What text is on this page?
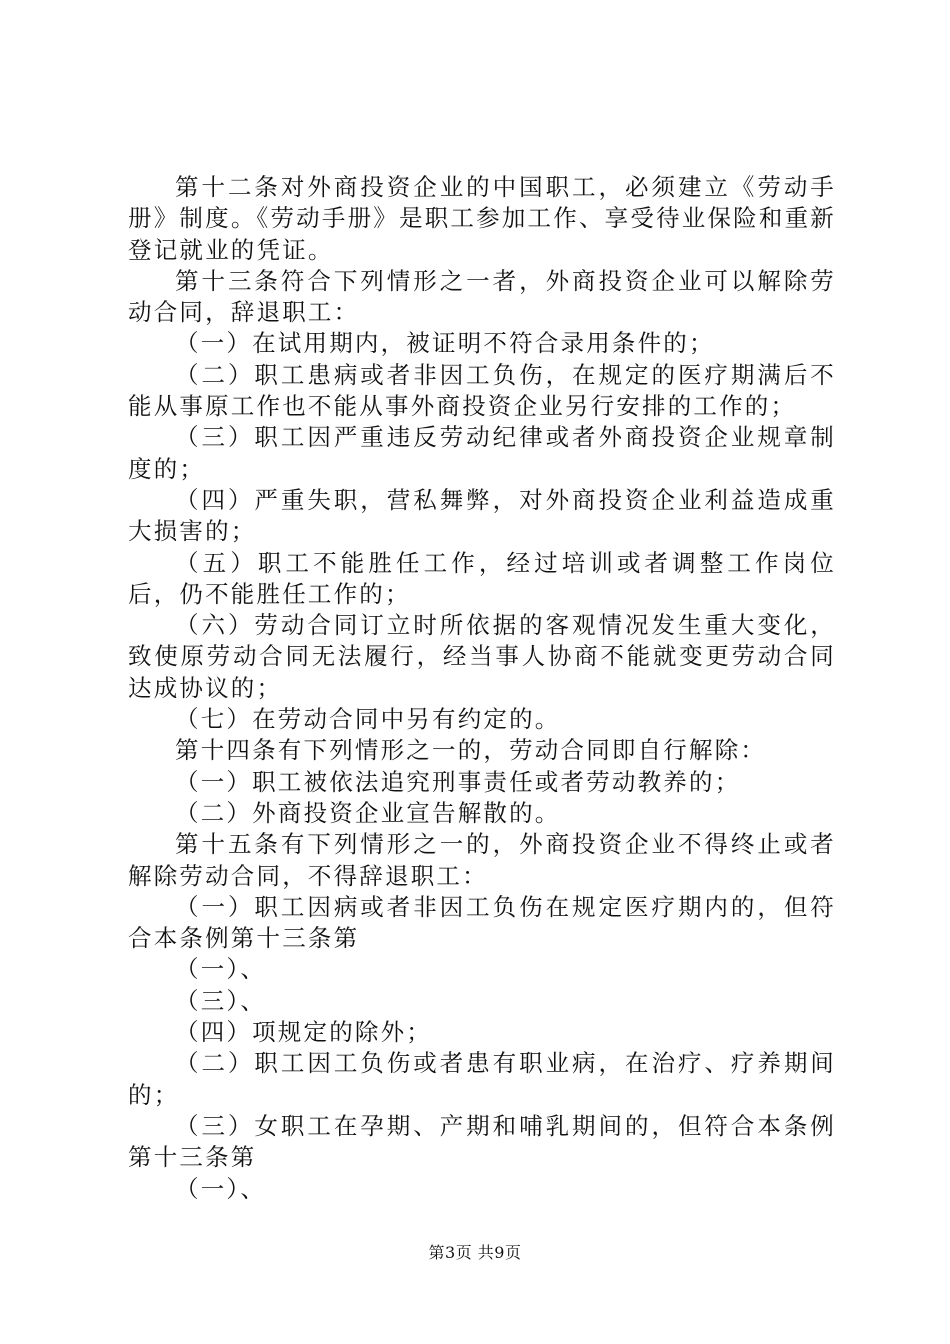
第十二条对外商投资企业的中国职工，必须建立《劳动手册》制度。《劳动手册》是职工参加工作、享受待业保险和重新登记就业的凭证。

第十三条符合下列情形之一者，外商投资企业可以解除劳动合同，辞退职工：

（一）在试用期内，被证明不符合录用条件的；

（二）职工患病或者非因工负伤，在规定的医疗期满后不能从事原工作也不能从事外商投资企业另行安排的工作的；

（三）职工因严重违反劳动纪律或者外商投资企业规章制度的；

（四）严重失职，营私舞弊，对外商投资企业利益造成重大损害的；

（五）职工不能胜任工作，经过培训或者调整工作岗位后，仍不能胜任工作的；

（六）劳动合同订立时所依据的客观情况发生重大变化，致使原劳动合同无法履行，经当事人协商不能就变更劳动合同达成协议的；

（七）在劳动合同中另有约定的。

第十四条有下列情形之一的，劳动合同即自行解除：

（一）职工被依法追究刑事责任或者劳动教养的；

（二）外商投资企业宣告解散的。

第十五条有下列情形之一的，外商投资企业不得终止或者解除劳动合同，不得辞退职工：

（一）职工因病或者非因工负伤在规定医疗期内的，但符合本条例第十三条第

（一）、

（三）、

（四）项规定的除外；

（二）职工因工负伤或者患有职业病，在治疗、疗养期间的；

（三）女职工在孕期、产期和哺乳期间的，但符合本条例第十三条第

（一）、

第3页 共9页
